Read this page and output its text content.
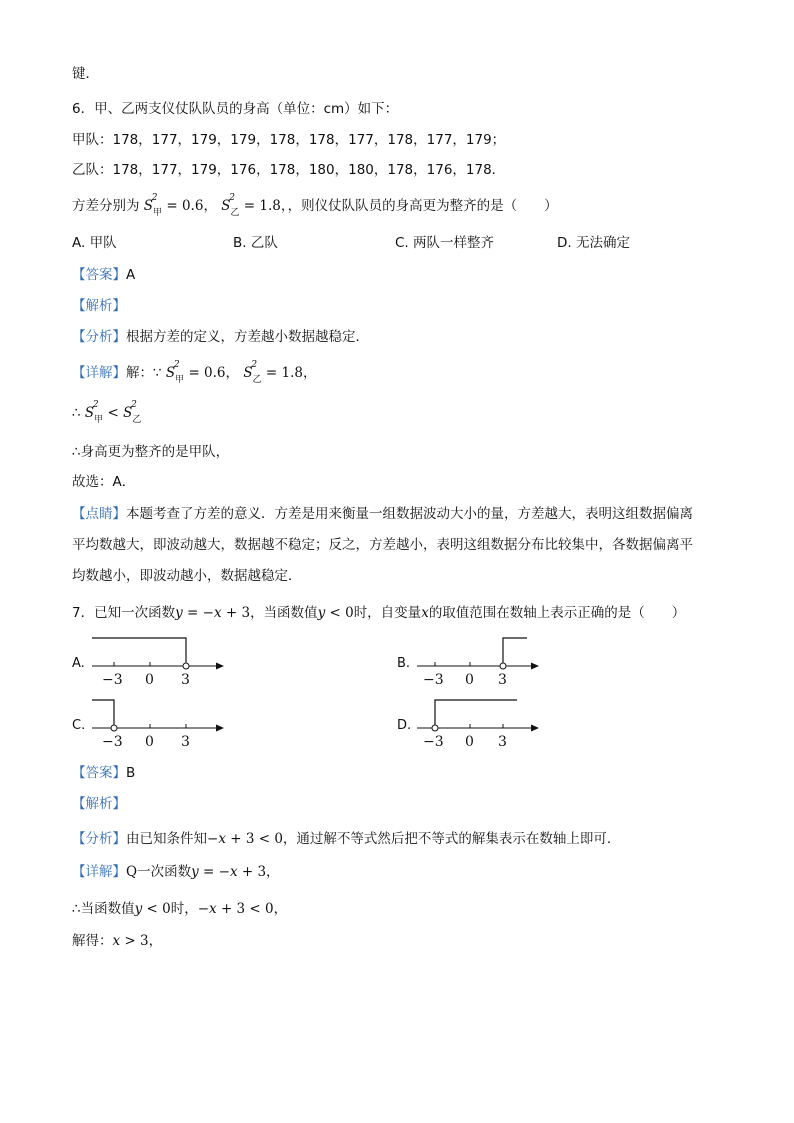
键．
6．甲、乙两支仪仗队队员的身高（单位：cm）如下：
甲队：178，177，179，179，178，178，177，178，177，179；
乙队：178，177，179，176，178，180，180，178，176，178．
方差分别为 S
2
$_甲$ = 0.6， S
2
$_乙$ = 1.8，，则仪仗队队员的身高更为整齐的是（　　）
A. 甲队	B. 乙队	C. 两队一样整齐	D. 无法确定
【答案】A
【解析】
【分析】根据方差的定义，方差越小数据越稳定．
【详解】解：∵ S
2
$_甲$ = 0.6， S
2
$_乙$ = 1.8，
∴ S
2
$_甲$ < S
2
$_乙$
∴身高更为整齐的是甲队，
故选：A．
【点睛】本题考查了方差的意义．方差是用来衡量一组数据波动大小的量，方差越大，表明这组数据偏离
平均数越大，即波动越大，数据越不稳定；反之，方差越小，表明这组数据分布比较集中，各数据偏离平
均数越小，即波动越小，数据越稳定．
7．已知一次函数y = −x + 3，当函数值y < 0时，自变量x的取值范围在数轴上表示正确的是（　　）
A.
−3 0 3
B.
−3 0 3
C.
−3 0 3
D.
−3 0 3
【答案】B
【解析】
【分析】由已知条件知−x + 3 < 0，通过解不等式然后把不等式的解集表示在数轴上即可．
【详解】Q一次函数y = −x + 3，
∴当函数值y < 0时，−x + 3 < 0，
解得：x > 3，
